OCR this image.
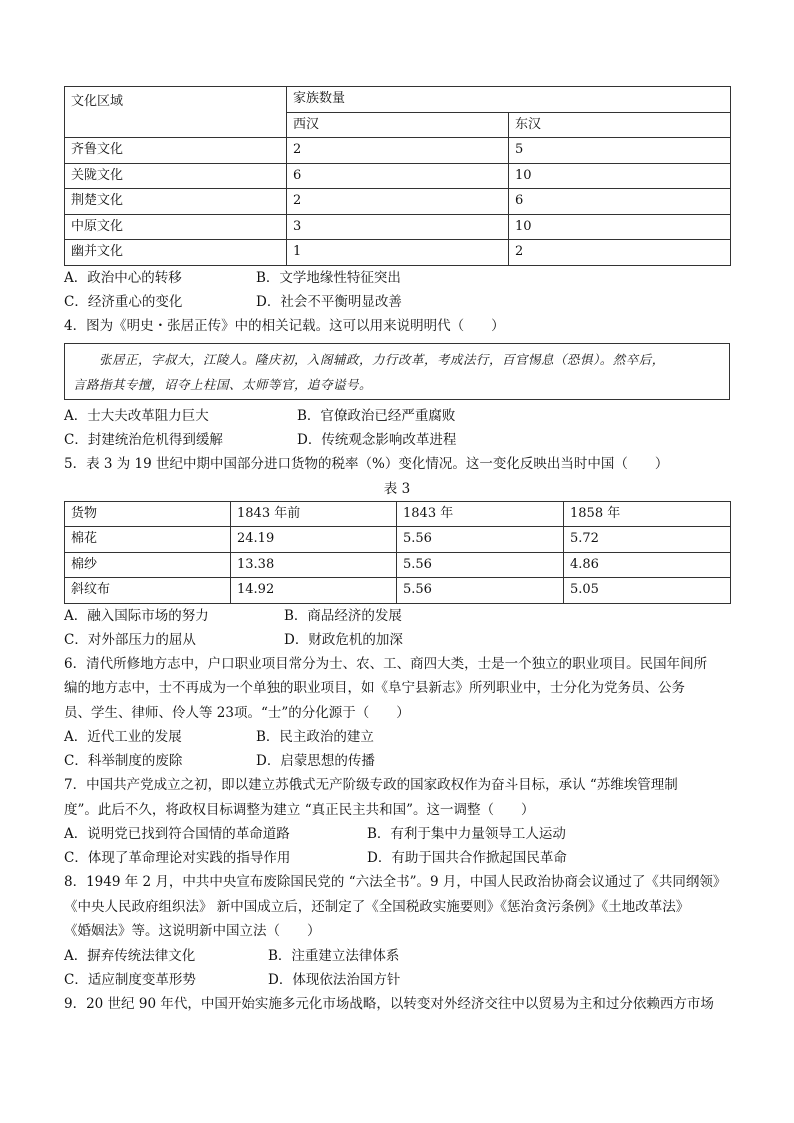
文化区域	家族数量	
	西汉	东汉
齐鲁文化	2	5
关陇文化	6	10
荆楚文化	2	6
中原文化	3	10
幽并文化	1	2
A．政治中心的转移	B．文学地缘性特征突出
C．经济重心的变化	D．社会不平衡明显改善
4．图为《明史・张居正传》中的相关记载。这可以用来说明明代（　　）
张居正，字叔大，江陵人。隆庆初，入阁辅政，力行改革，考成法行，百官惕息（恐惧）。然卒后，
言路指其专擅，诏夺上柱国、太师等官，追夺谥号。
A．士大夫改革阻力巨大	B．官僚政治已经严重腐败
C．封建统治危机得到缓解	D．传统观念影响改革进程
5．表 3 为 19 世纪中期中国部分进口货物的税率（%）变化情况。这一变化反映出当时中国（　　）
表 3
货物	1843 年前	1843 年	1858 年
棉花	24.19	5.56	5.72
棉纱	13.38	5.56	4.86
斜纹布	14.92	5.56	5.05
A．融入国际市场的努力	B．商品经济的发展
C．对外部压力的屈从	D．财政危机的加深
6．清代所修地方志中，户口职业项目常分为士、农、工、商四大类，士是一个独立的职业项目。民国年间所
编的地方志中，士不再成为一个单独的职业项目，如《阜宁县新志》所列职业中，士分化为党务员、公务
员、学生、律师、伶人等 23项。“士”的分化源于（　　）
A．近代工业的发展	B．民主政治的建立
C．科举制度的废除	D．启蒙思想的传播
7．中国共产党成立之初，即以建立苏俄式无产阶级专政的国家政权作为奋斗目标，承认 “苏维埃管理制
度”。此后不久，将政权目标调整为建立 “真正民主共和国”。这一调整（　　）
A．说明党已找到符合国情的革命道路	B．有利于集中力量领导工人运动
C．体现了革命理论对实践的指导作用	D．有助于国共合作掀起国民革命
8．1949 年 2 月，中共中央宣布废除国民党的 “六法全书”。9 月，中国人民政治协商会议通过了《共同纲领》
《中央人民政府组织法》 新中国成立后，还制定了《全国税政实施要则》《惩治贪污条例》《土地改革法》
《婚姻法》等。这说明新中国立法（　　）
A．摒弃传统法律文化	B．注重建立法律体系
C．适应制度变革形势	D．体现依法治国方针
9．20 世纪 90 年代，中国开始实施多元化市场战略，以转变对外经济交往中以贸易为主和过分依赖西方市场
